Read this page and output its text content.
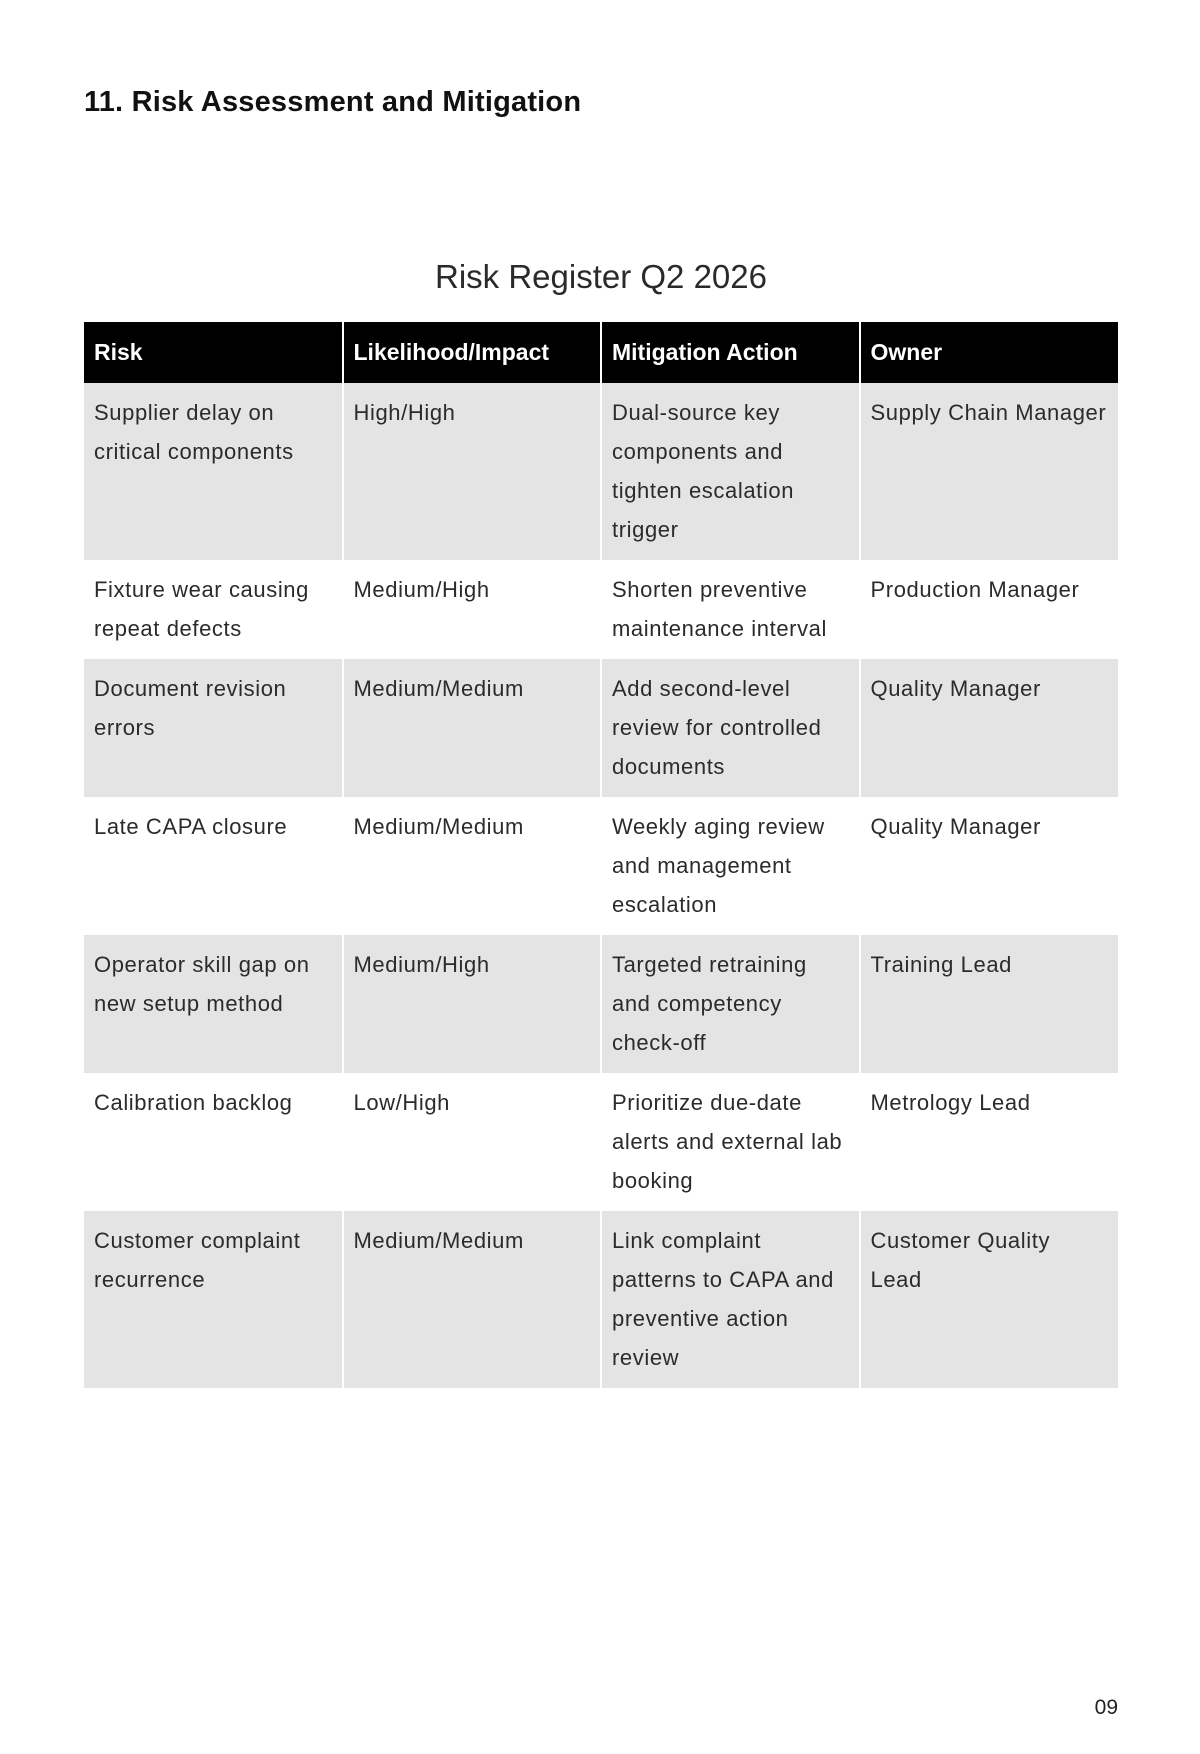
11. Risk Assessment and Mitigation
Risk Register Q2 2026
Risk	Likelihood/Impact	Mitigation Action	Owner
Supplier delay on critical components	High/High	Dual-source key components and tighten escalation trigger	Supply Chain Manager
Fixture wear causing repeat defects	Medium/High	Shorten preventive maintenance interval	Production Manager
Document revision errors	Medium/Medium	Add second-level review for controlled documents	Quality Manager
Late CAPA closure	Medium/Medium	Weekly aging review and management escalation	Quality Manager
Operator skill gap on new setup method	Medium/High	Targeted retraining and competency check-off	Training Lead
Calibration backlog	Low/High	Prioritize due-date alerts and external lab booking	Metrology Lead
Customer complaint recurrence	Medium/Medium	Link complaint patterns to CAPA and preventive action review	Customer Quality Lead
09
